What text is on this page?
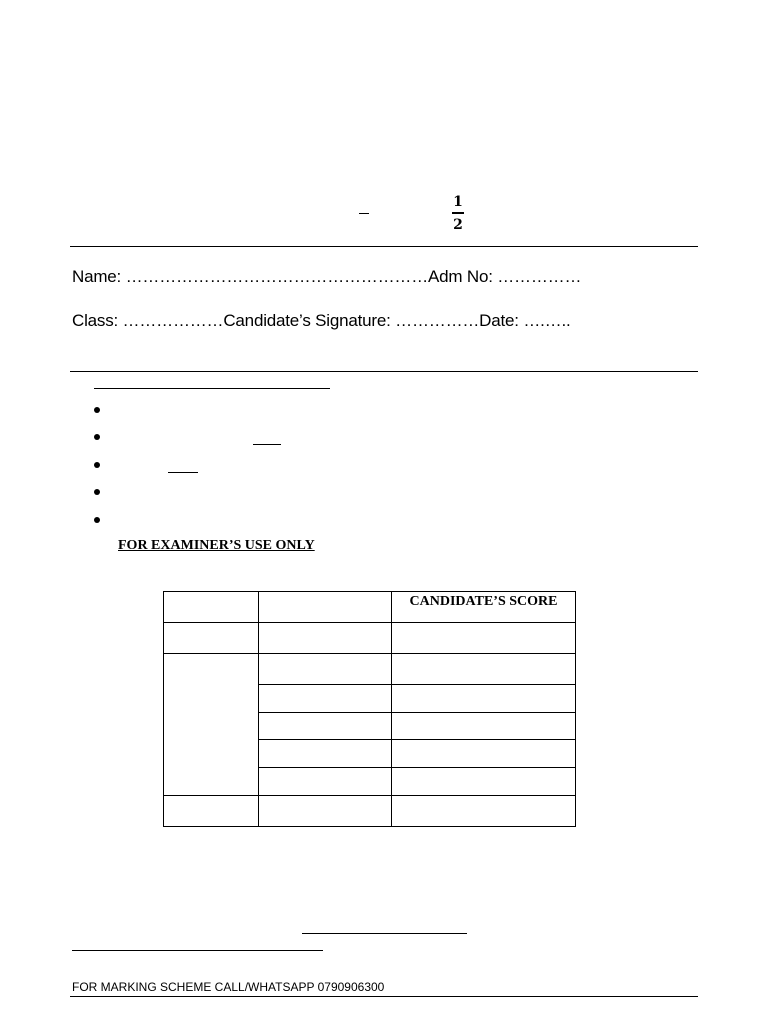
1
2
Name: ………………………………………………Adm No: ……………
Class: ………………Candidate’s Signature: ……………Date: ….…..
FOR EXAMINER’S USE ONLY
		CANDIDATE’S SCORE

FOR MARKING SCHEME CALL/WHATSAPP 0790906300
